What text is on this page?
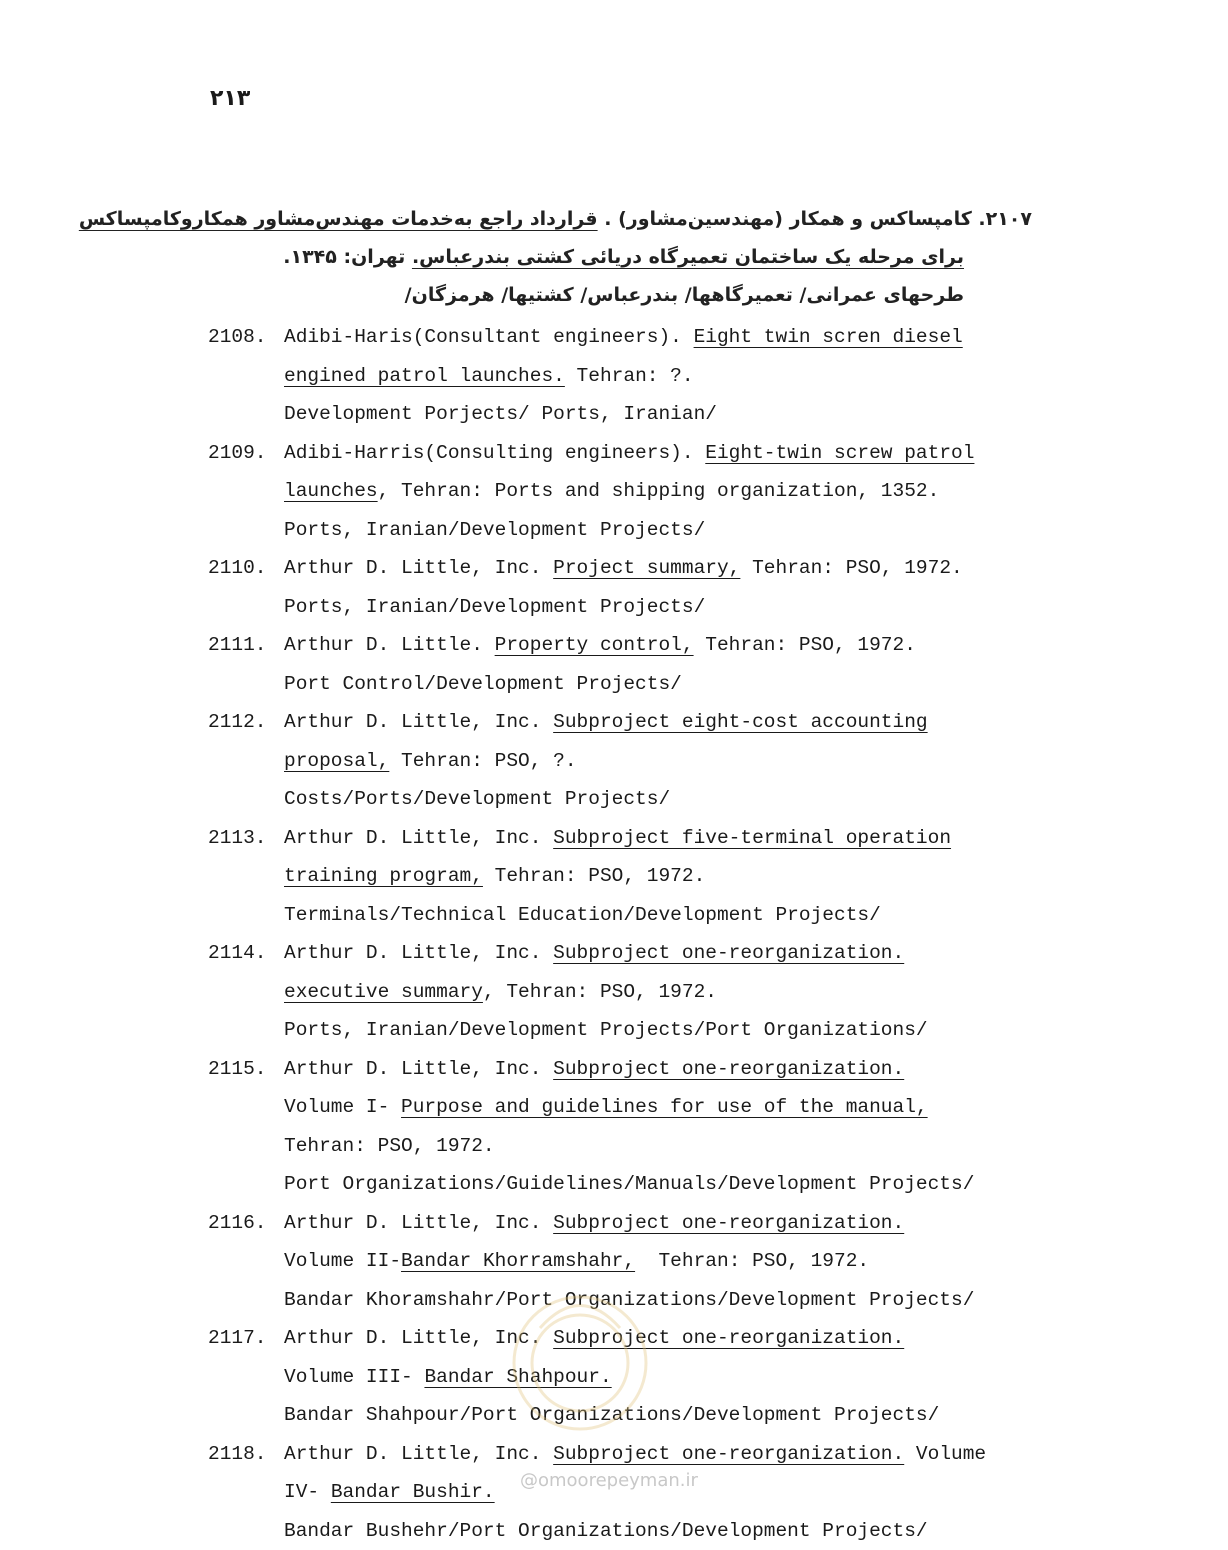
۲۱۳
۲۱۰۷. کامپساکس و همکار (مهندسین‌مشاور) . قرارداد راجع به‌خدمات مهندس‌مشاور همکاروکامپساکس
برای مرحله یک ساختمان تعمیرگاه دریائی کشتی بندرعباس. تهران: ۱۳۴۵.
طرحهای عمرانی/ تعمیرگاهها/ بندرعباس/ کشتیها/ هرمزگان/
2108. Adibi-Haris(Consultant engineers). Eight twin scren diesel
engined patrol launches. Tehran: ?.
Development Porjects/ Ports, Iranian/
2109. Adibi-Harris(Consulting engineers). Eight-twin screw patrol
launches, Tehran: Ports and shipping organization, 1352.
Ports, Iranian/Development Projects/
2110. Arthur D. Little, Inc. Project summary, Tehran: PSO, 1972.
Ports, Iranian/Development Projects/
2111. Arthur D. Little. Property control, Tehran: PSO, 1972.
Port Control/Development Projects/
2112. Arthur D. Little, Inc. Subproject eight-cost accounting
proposal, Tehran: PSO, ?.
Costs/Ports/Development Projects/
2113. Arthur D. Little, Inc. Subproject five-terminal operation
training program, Tehran: PSO, 1972.
Terminals/Technical Education/Development Projects/
2114. Arthur D. Little, Inc. Subproject one-reorganization.
executive summary, Tehran: PSO, 1972.
Ports, Iranian/Development Projects/Port Organizations/
2115. Arthur D. Little, Inc. Subproject one-reorganization.
Volume I- Purpose and guidelines for use of the manual,
Tehran: PSO, 1972.
Port Organizations/Guidelines/Manuals/Development Projects/
2116. Arthur D. Little, Inc. Subproject one-reorganization.
Volume II-Bandar Khorramshahr,  Tehran: PSO, 1972.
Bandar Khoramshahr/Port Organizations/Development Projects/
2117. Arthur D. Little, Inc. Subproject one-reorganization.
Volume III- Bandar Shahpour.
Bandar Shahpour/Port Organizations/Development Projects/
2118. Arthur D. Little, Inc. Subproject one-reorganization. Volume
IV- Bandar Bushir.
Bandar Bushehr/Port Organizations/Development Projects/
@omoorepeyman.ir
